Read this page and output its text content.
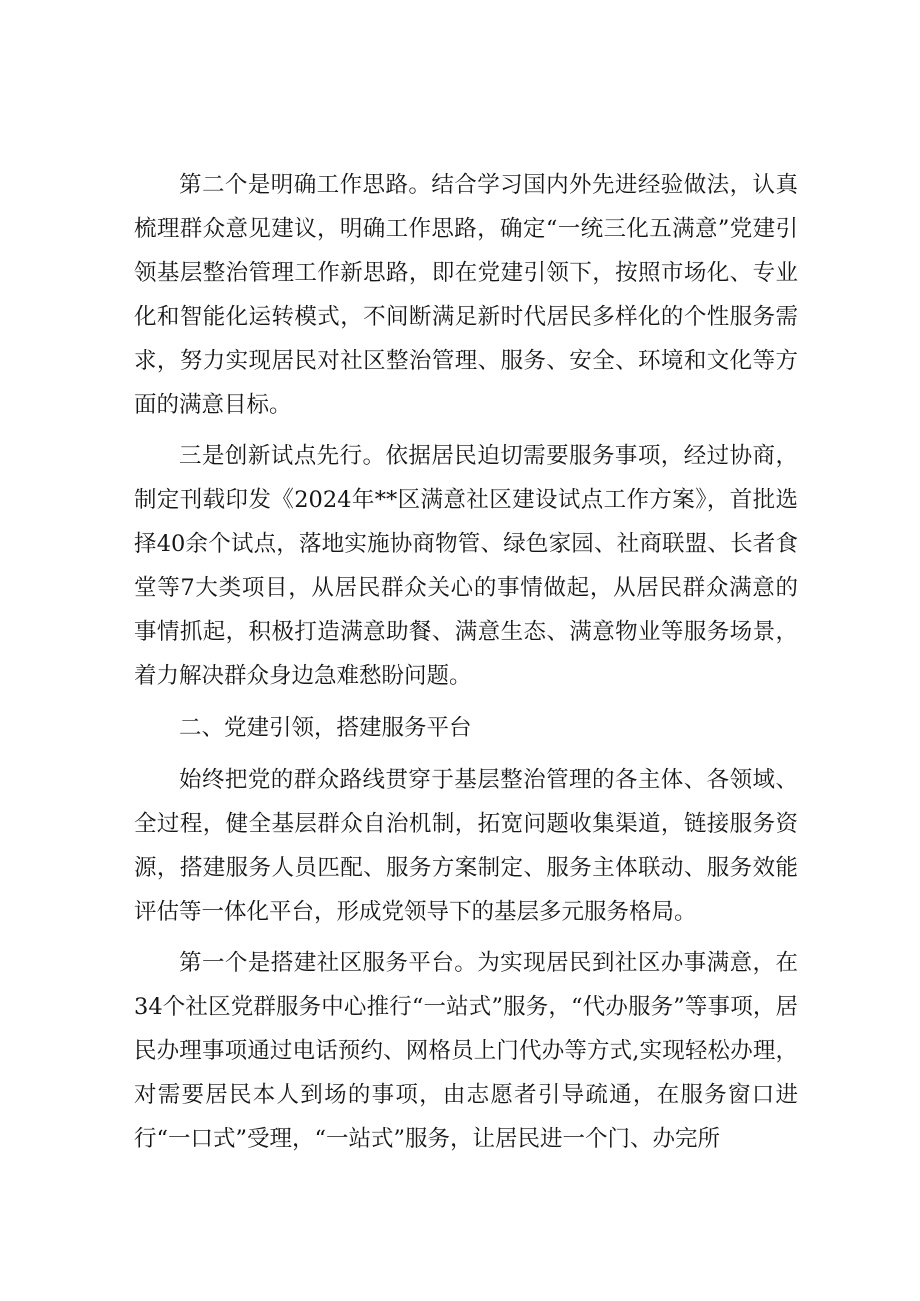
第二个是明确工作思路。结合学习国内外先进经验做法，认真梳理群众意见建议，明确工作思路，确定“一统三化五满意”党建引领基层整治管理工作新思路，即在党建引领下，按照市场化、专业化和智能化运转模式，不间断满足新时代居民多样化的个性服务需求，努力实现居民对社区整治管理、服务、安全、环境和文化等方面的满意目标。

三是创新试点先行。依据居民迫切需要服务事项，经过协商，制定刊载印发《2024年**区满意社区建设试点工作方案》，首批选择40余个试点，落地实施协商物管、绿色家园、社商联盟、长者食堂等7大类项目，从居民群众关心的事情做起，从居民群众满意的事情抓起，积极打造满意助餐、满意生态、满意物业等服务场景，着力解决群众身边急难愁盼问题。

二、党建引领，搭建服务平台

始终把党的群众路线贯穿于基层整治管理的各主体、各领域、全过程，健全基层群众自治机制，拓宽问题收集渠道，链接服务资源，搭建服务人员匹配、服务方案制定、服务主体联动、服务效能评估等一体化平台，形成党领导下的基层多元服务格局。

第一个是搭建社区服务平台。为实现居民到社区办事满意，在34个社区党群服务中心推行“一站式”服务，“代办服务”等事项，居民办理事项通过电话预约、网格员上门代办等方式,实现轻松办理，对需要居民本人到场的事项，由志愿者引导疏通，在服务窗口进行“一口式”受理，“一站式”服务，让居民进一个门、办完所
